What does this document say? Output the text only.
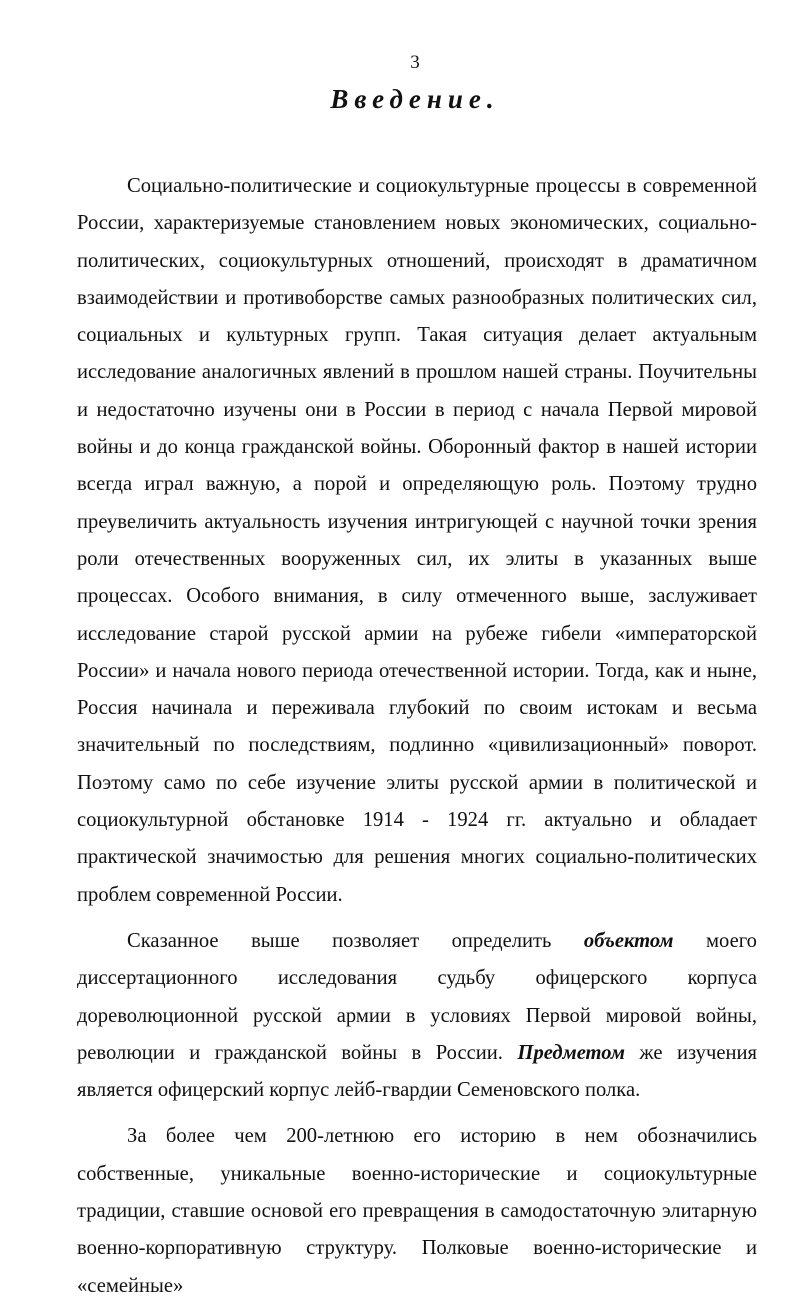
3
Введение.

Социально-политические и социокультурные процессы в современной России, характеризуемые становлением новых экономических, социально-политических, социокультурных отношений, происходят в драматичном взаимодействии и противоборстве самых разнообразных политических сил, социальных и культурных групп. Такая ситуация делает актуальным исследование аналогичных явлений в прошлом нашей страны. Поучительны и недостаточно изучены они в России в период с начала Первой мировой войны и до конца гражданской войны. Оборонный фактор в нашей истории всегда играл важную, а порой и определяющую роль. Поэтому трудно преувеличить актуальность изучения интригующей с научной точки зрения роли отечественных вооруженных сил, их элиты в указанных выше процессах. Особого внимания, в силу отмеченного выше, заслуживает исследование старой русской армии на рубеже гибели «императорской России» и начала нового периода отечественной истории. Тогда, как и ныне, Россия начинала и переживала глубокий по своим истокам и весьма значительный по последствиям, подлинно «цивилизационный» поворот. Поэтому само по себе изучение элиты русской армии в политической и социокультурной обстановке 1914 - 1924 гг. актуально и обладает практической значимостью для решения многих социально-политических проблем современной России.

Сказанное выше позволяет определить объектом моего диссертационного исследования судьбу офицерского корпуса дореволюционной русской армии в условиях Первой мировой войны, революции и гражданской войны в России. Предметом же изучения является офицерский корпус лейб-гвардии Семеновского полка.

За более чем 200-летнюю его историю в нем обозначились собственные, уникальные военно-исторические и социокультурные традиции, ставшие основой его превращения в самодостаточную элитарную военно-корпоративную структуру. Полковые военно-исторические и «семейные»
